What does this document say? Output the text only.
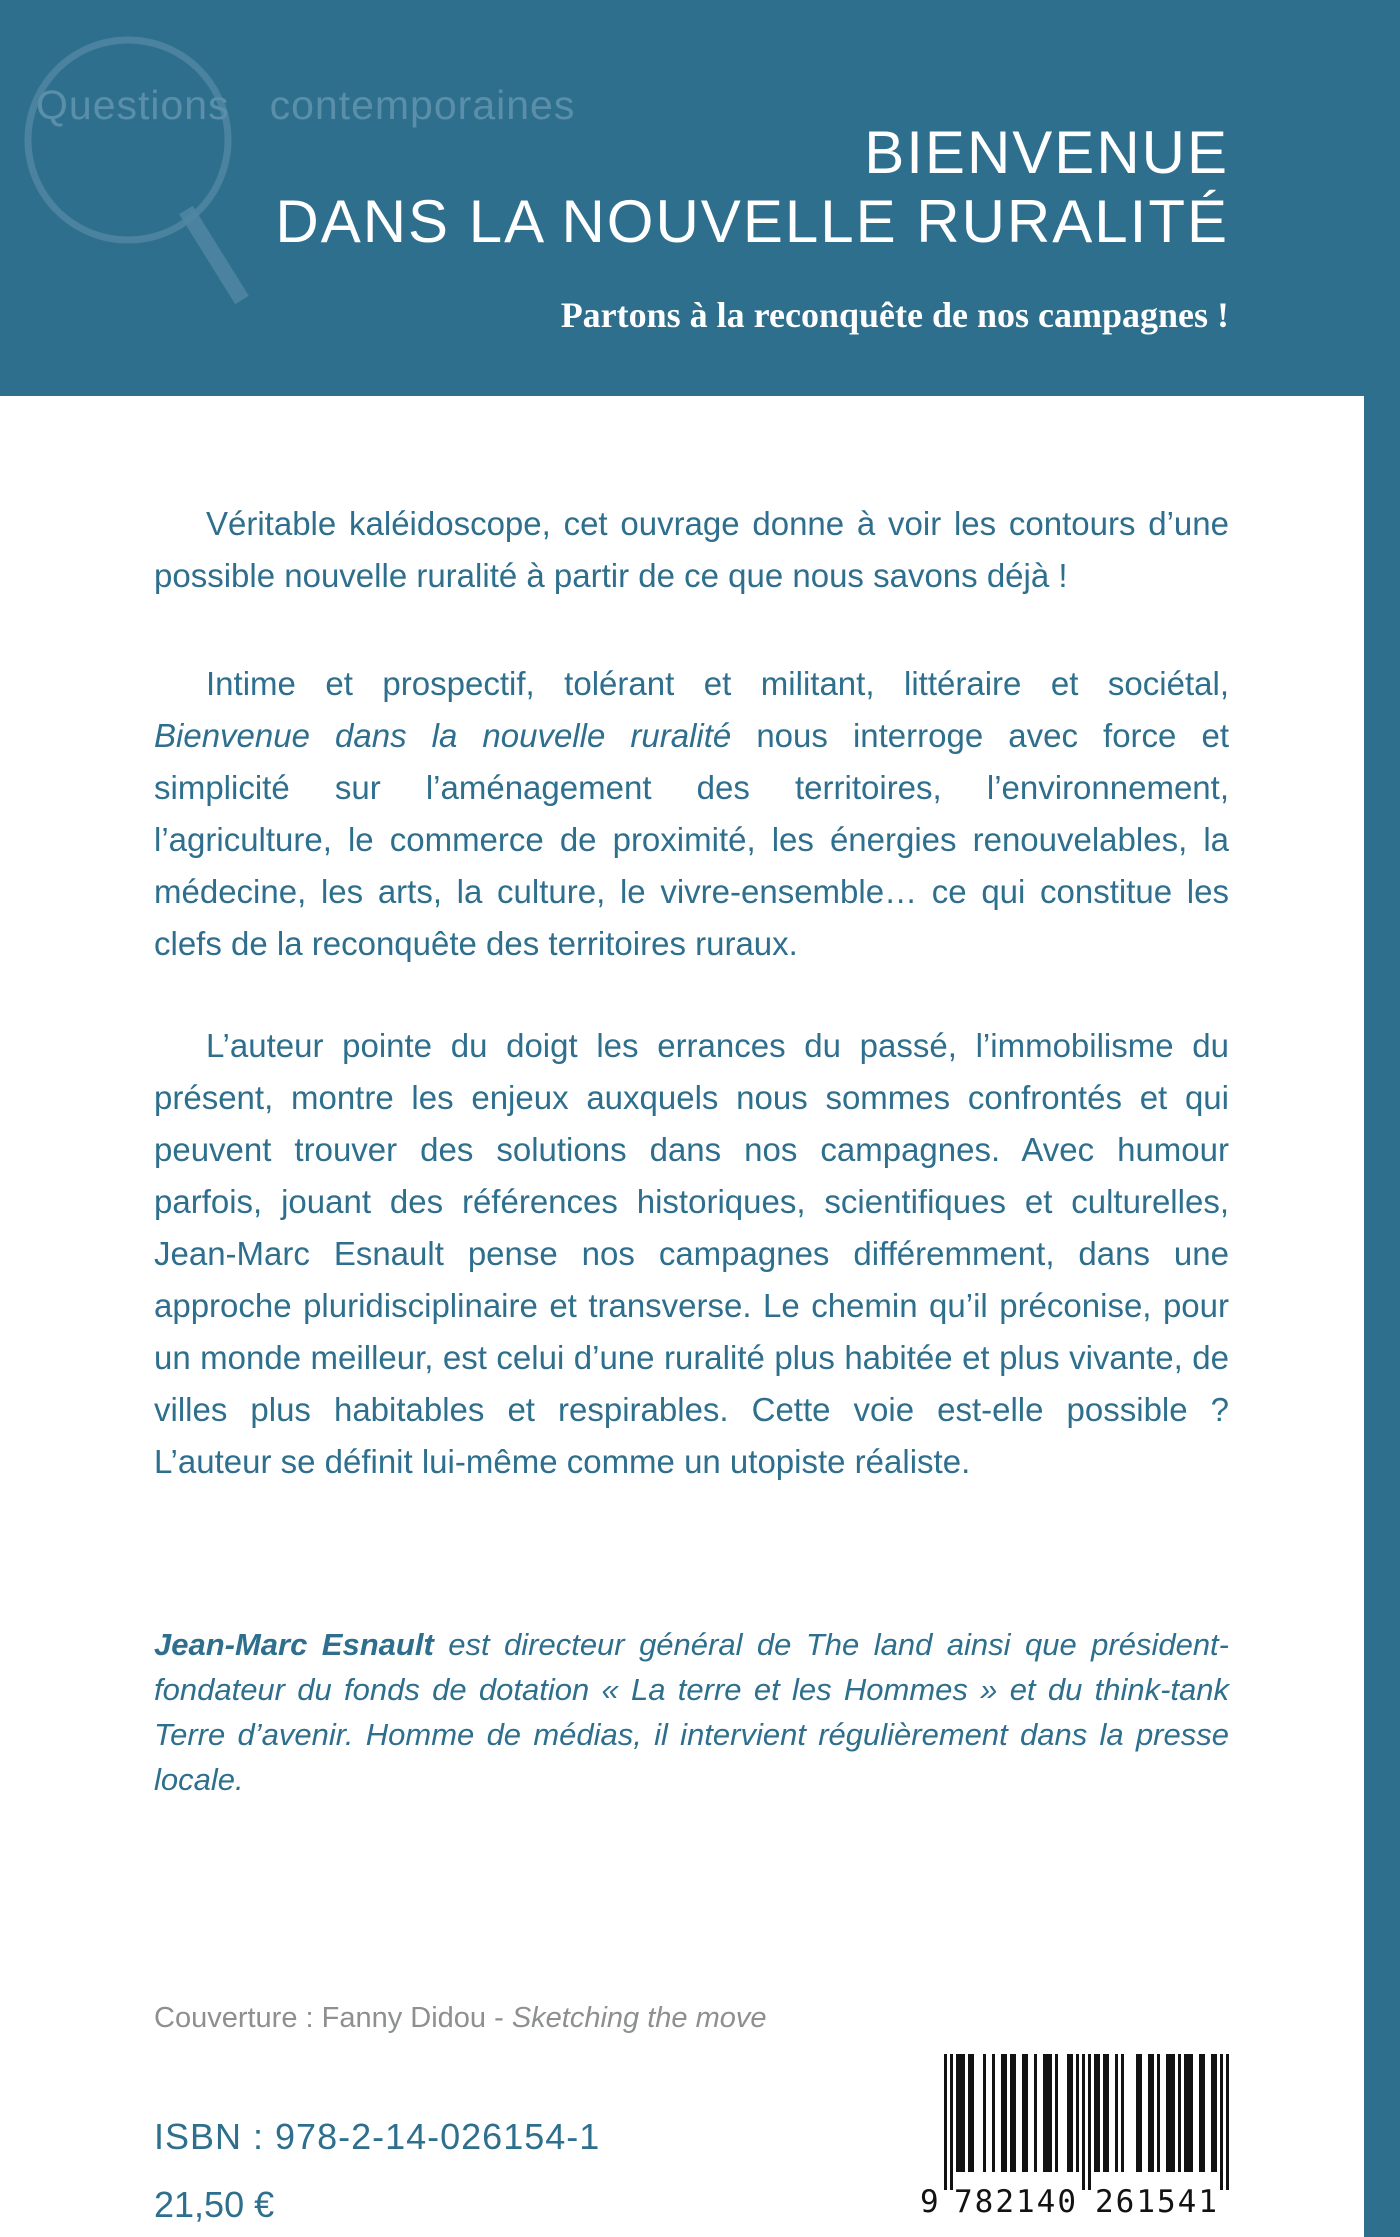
Questions contemporaines
BIENVENUE
DANS LA NOUVELLE RURALITÉ
Partons à la reconquête de nos campagnes !

Véritable kaléidoscope, cet ouvrage donne à voir les contours d’une possible nouvelle ruralité à partir de ce que nous savons déjà !

Intime et prospectif, tolérant et militant, littéraire et sociétal, Bienvenue dans la nouvelle ruralité nous interroge avec force et simplicité sur l’aménagement des territoires, l’environnement, l’agriculture, le commerce de proximité, les énergies renouvelables, la médecine, les arts, la culture, le vivre-ensemble… ce qui constitue les clefs de la reconquête des territoires ruraux.

L’auteur pointe du doigt les errances du passé, l’immobilisme du présent, montre les enjeux auxquels nous sommes confrontés et qui peuvent trouver des solutions dans nos campagnes. Avec humour parfois, jouant des références historiques, scientifiques et culturelles, Jean-Marc Esnault pense nos campagnes différemment, dans une approche pluridisciplinaire et transverse. Le chemin qu’il préconise, pour un monde meilleur, est celui d’une ruralité plus habitée et plus vivante, de villes plus habitables et respirables. Cette voie est-elle possible ? L’auteur se définit lui-même comme un utopiste réaliste.

Jean-Marc Esnault est directeur général de The land ainsi que président-fondateur du fonds de dotation « La terre et les Hommes » et du think-tank Terre d’avenir. Homme de médias, il intervient régulièrement dans la presse locale.

Couverture : Fanny Didou - Sketching the move

ISBN : 978-2-14-026154-1

21,50 €	9 782140 261541
